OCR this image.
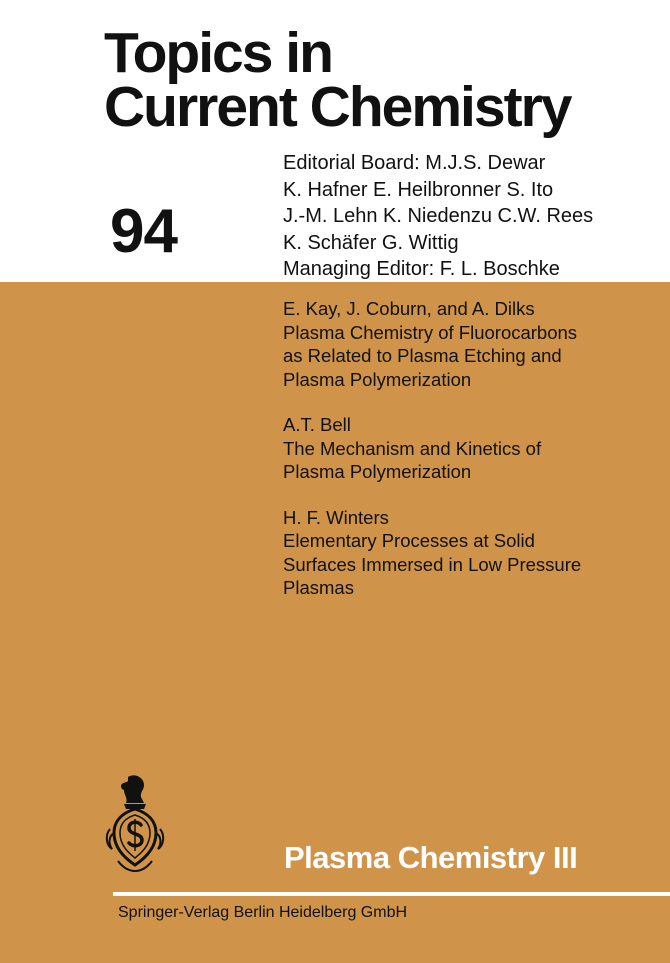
Topics in
Current Chemistry
94
Editorial Board: M.J.S. Dewar
K. Hafner E. Heilbronner S. Ito
J.-M. Lehn K. Niedenzu C.W. Rees
K. Schäfer G. Wittig
Managing Editor: F. L. Boschke
E. Kay, J. Coburn, and A. Dilks
Plasma Chemistry of Fluorocarbons
as Related to Plasma Etching and
Plasma Polymerization
A.T. Bell
The Mechanism and Kinetics of
Plasma Polymerization
H. F. Winters
Elementary Processes at Solid
Surfaces Immersed in Low Pressure
Plasmas
Plasma Chemistry III
Springer-Verlag Berlin Heidelberg GmbH
